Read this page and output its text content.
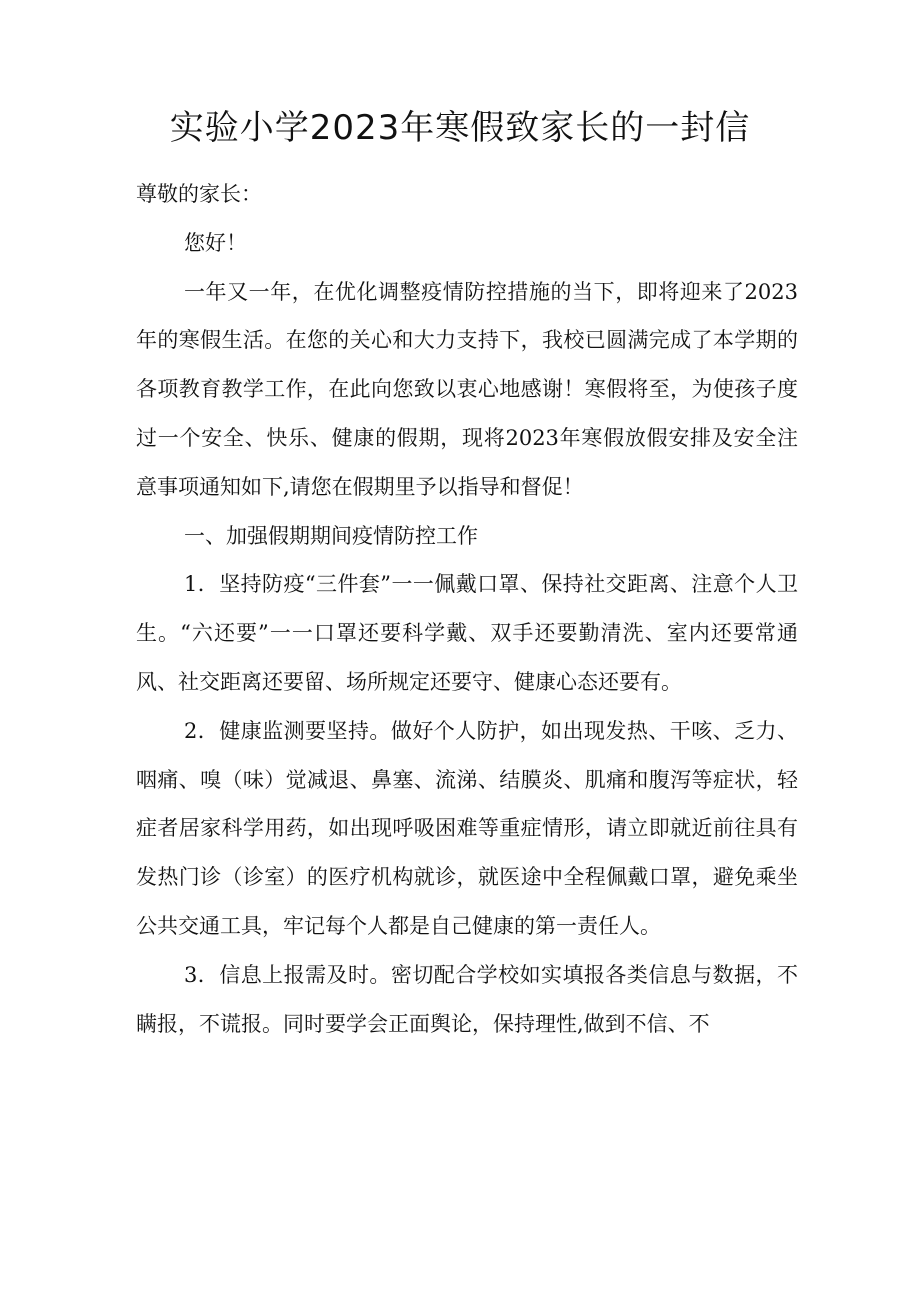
实验小学2023年寒假致家长的一封信

尊敬的家长：

您好！

一年又一年，在优化调整疫情防控措施的当下，即将迎来了2023年的寒假生活。在您的关心和大力支持下，我校已圆满完成了本学期的各项教育教学工作，在此向您致以衷心地感谢！寒假将至，为使孩子度过一个安全、快乐、健康的假期，现将2023年寒假放假安排及安全注意事项通知如下,请您在假期里予以指导和督促！

一、加强假期期间疫情防控工作

1．坚持防疫“三件套”一一佩戴口罩、保持社交距离、注意个人卫生。“六还要”一一口罩还要科学戴、双手还要勤清洗、室内还要常通风、社交距离还要留、场所规定还要守、健康心态还要有。

2．健康监测要坚持。做好个人防护，如出现发热、干咳、乏力、咽痛、嗅（味）觉减退、鼻塞、流涕、结膜炎、肌痛和腹泻等症状，轻症者居家科学用药，如出现呼吸困难等重症情形，请立即就近前往具有发热门诊（诊室）的医疗机构就诊，就医途中全程佩戴口罩，避免乘坐公共交通工具，牢记每个人都是自己健康的第一责任人。

3．信息上报需及时。密切配合学校如实填报各类信息与数据，不瞒报，不谎报。同时要学会正面舆论，保持理性,做到不信、不
